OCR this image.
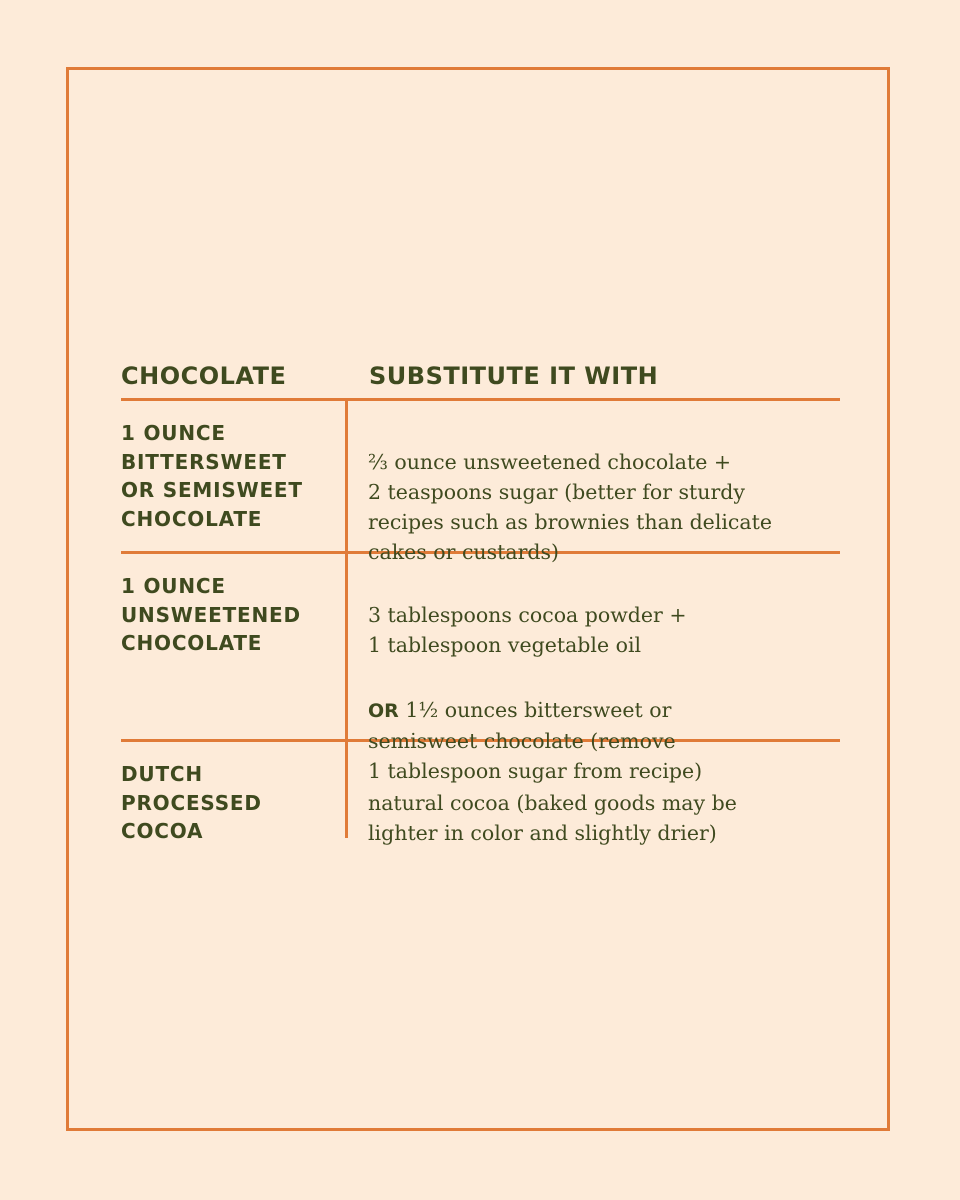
CHOCOLATE	SUBSTITUTE IT WITH
1 OUNCE
BITTERSWEET
OR SEMISWEET
CHOCOLATE

⅔ ounce unsweetened chocolate +
2 teaspoons sugar (better for sturdy
recipes such as brownies than delicate
cakes or custards)

1 OUNCE
UNSWEETENED
CHOCOLATE

3 tablespoons cocoa powder +
1 tablespoon vegetable oil

OR 1½ ounces bittersweet or
semisweet chocolate (remove
1 tablespoon sugar from recipe)

DUTCH
PROCESSED
COCOA

natural cocoa (baked goods may be
lighter in color and slightly drier)
